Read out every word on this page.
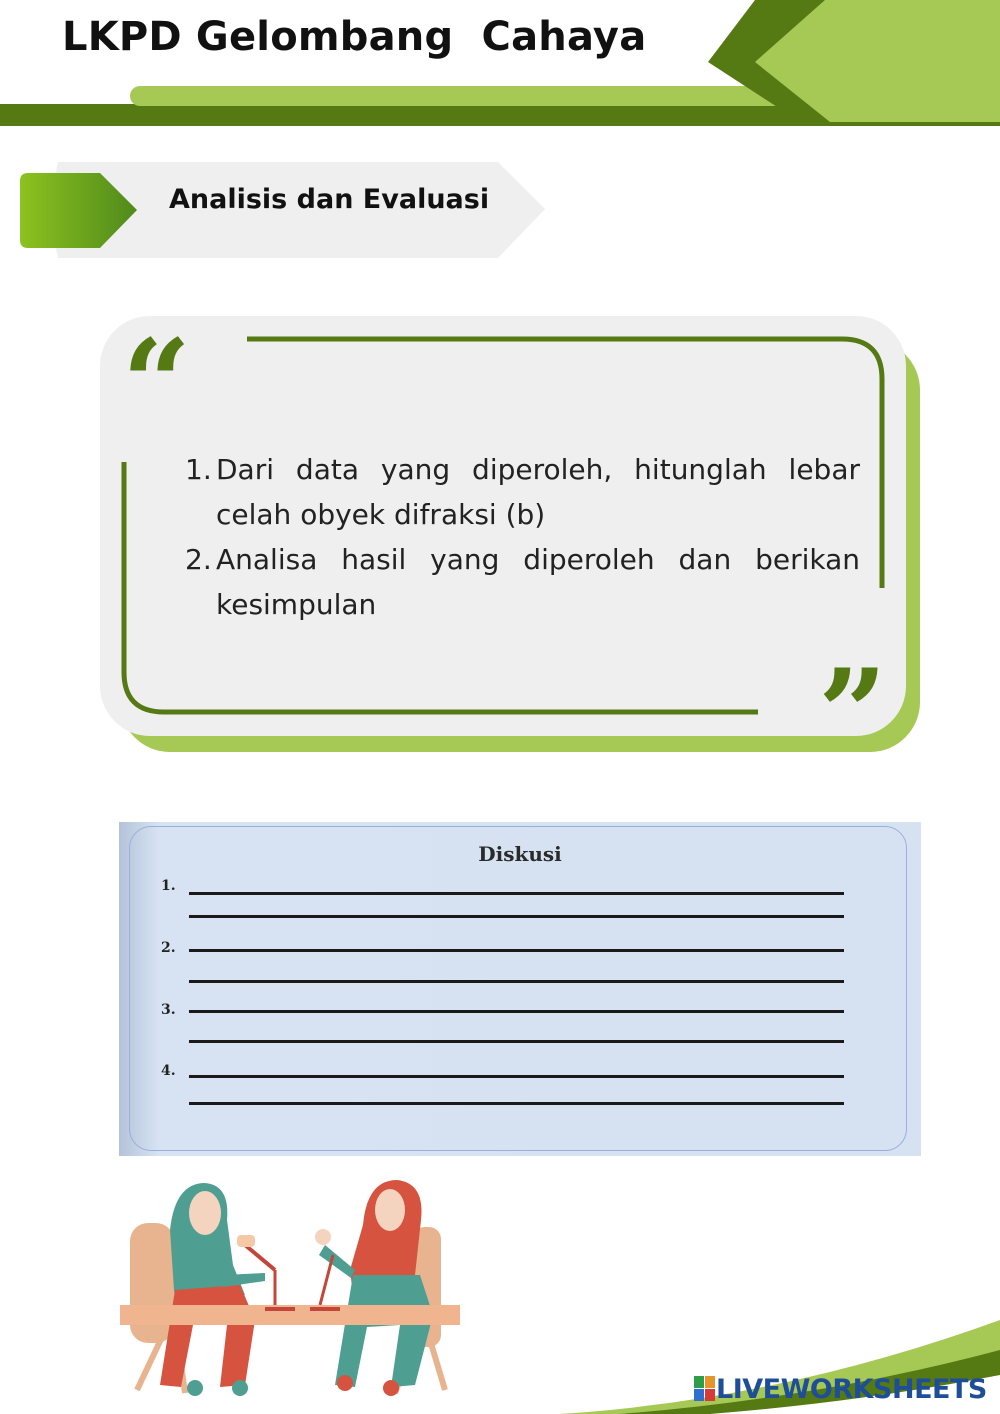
LKPD Gelombang  Cahaya

Analisis dan Evaluasi

“
”
1. Dari data yang diperoleh, hitunglah lebar celah obyek difraksi (b)
2. Analisa hasil yang diperoleh dan berikan kesimpulan

Diskusi

1.
2.
3.
4.
LIVEWORKSHEETS
